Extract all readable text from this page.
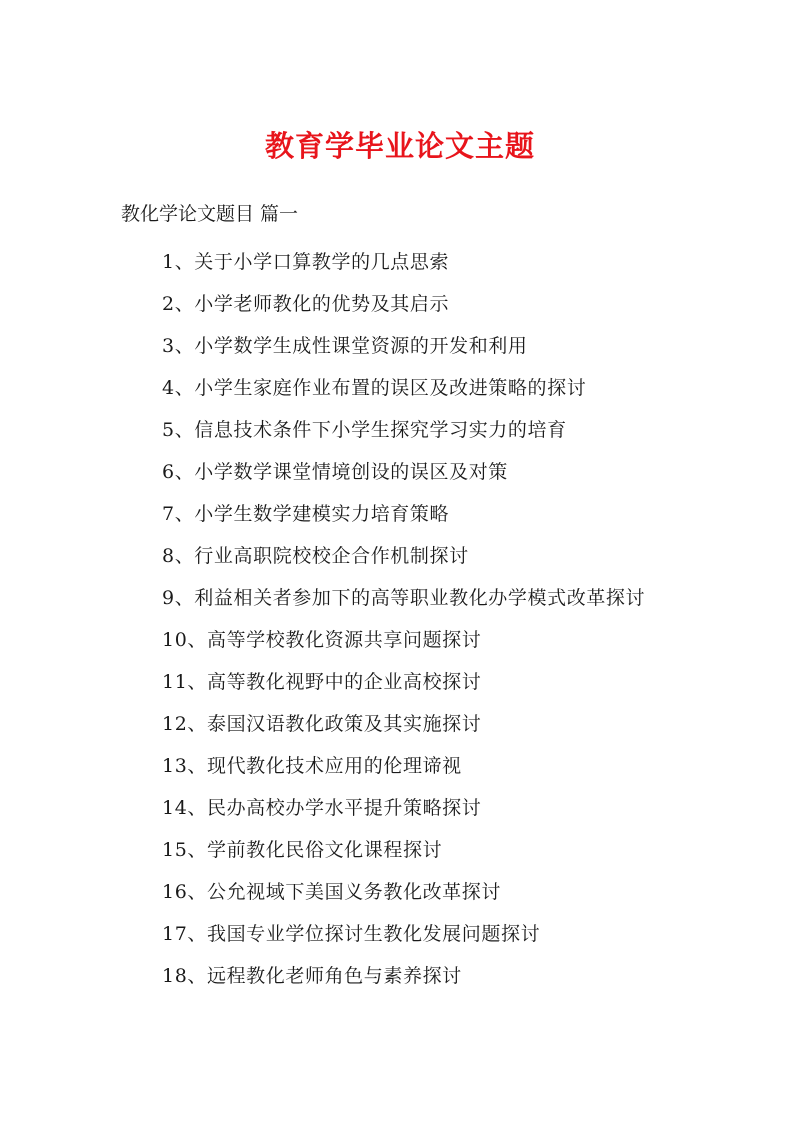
教育学毕业论文主题
教化学论文题目 篇一
1、关于小学口算教学的几点思索
2、小学老师教化的优势及其启示
3、小学数学生成性课堂资源的开发和利用
4、小学生家庭作业布置的误区及改进策略的探讨
5、信息技术条件下小学生探究学习实力的培育
6、小学数学课堂情境创设的误区及对策
7、小学生数学建模实力培育策略
8、行业高职院校校企合作机制探讨
9、利益相关者参加下的高等职业教化办学模式改革探讨
10、高等学校教化资源共享问题探讨
11、高等教化视野中的企业高校探讨
12、泰国汉语教化政策及其实施探讨
13、现代教化技术应用的伦理谛视
14、民办高校办学水平提升策略探讨
15、学前教化民俗文化课程探讨
16、公允视域下美国义务教化改革探讨
17、我国专业学位探讨生教化发展问题探讨
18、远程教化老师角色与素养探讨
